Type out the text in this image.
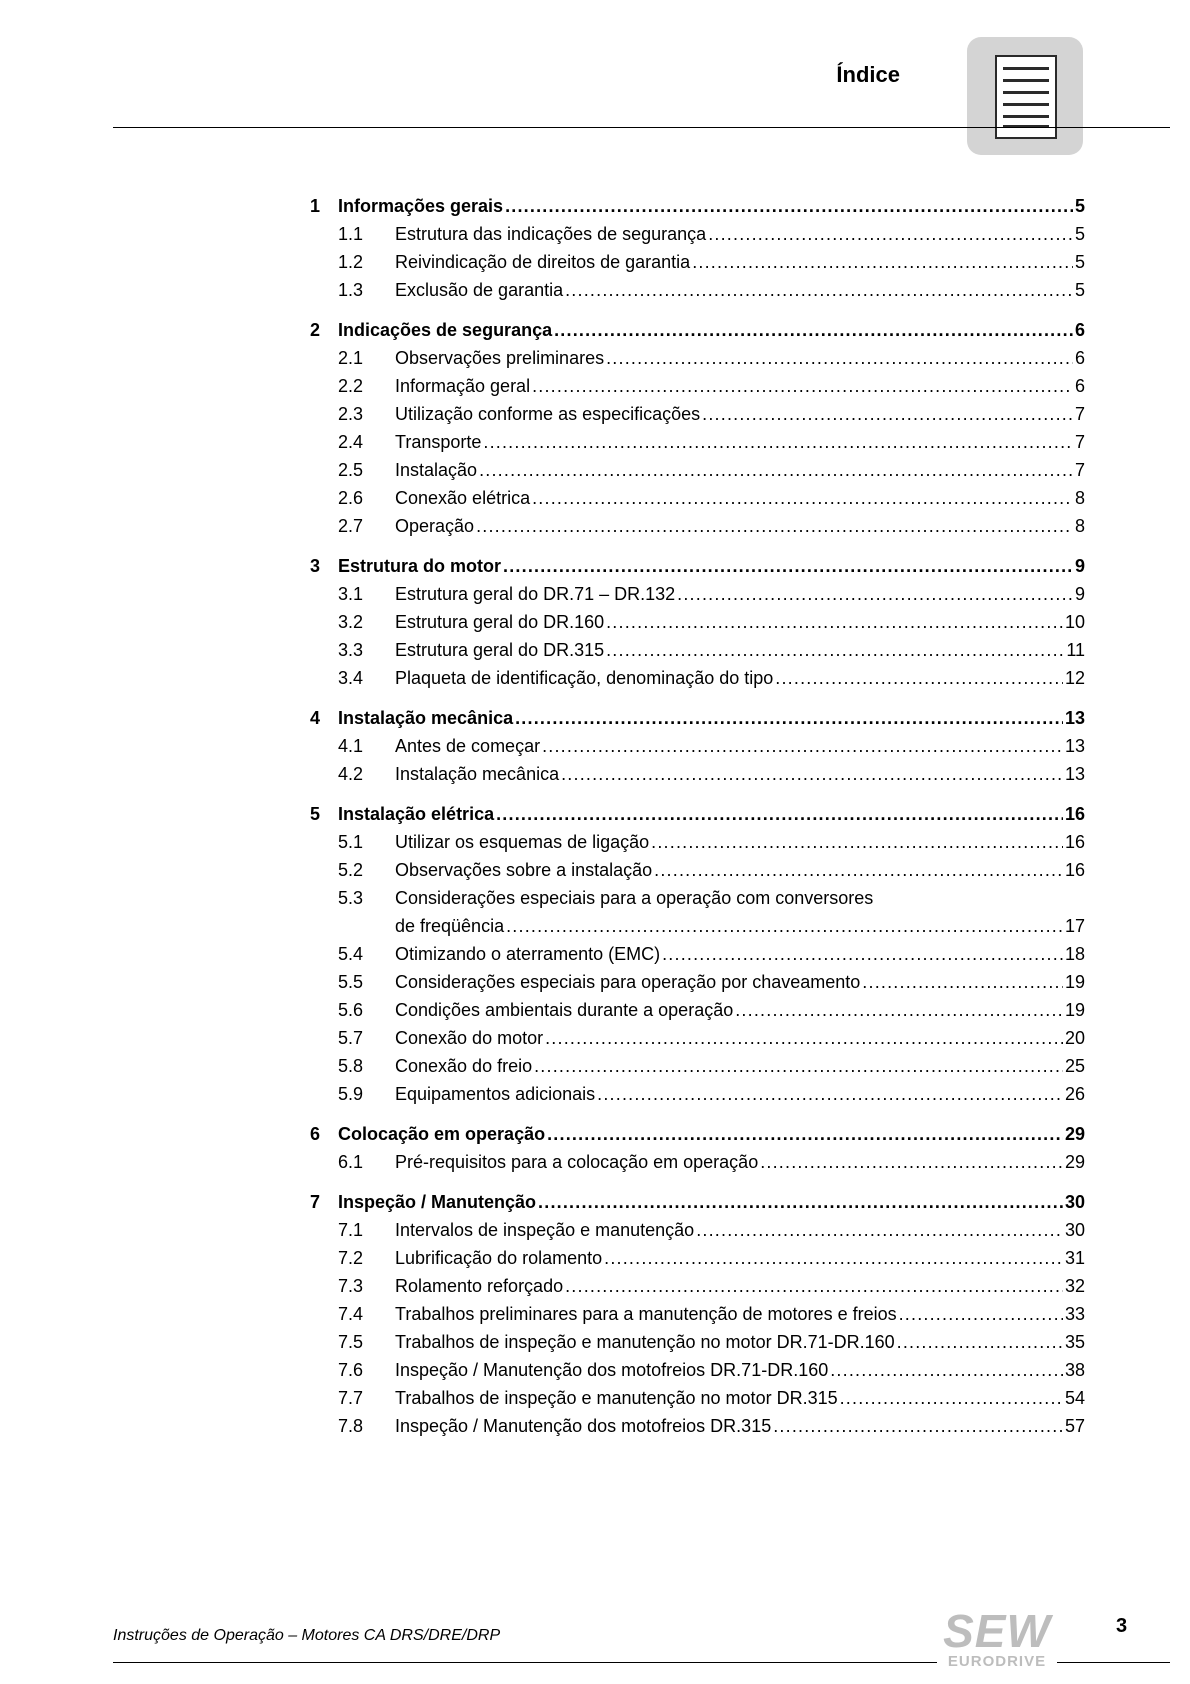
Índice
1 Informações gerais .....	5
1.1	Estrutura das indicações de segurança .....	5
1.2	Reivindicação de direitos de garantia .....	5
1.3	Exclusão de garantia .....	5
2 Indicações de segurança .....	6
2.1	Observações preliminares .....	6
2.2	Informação geral .....	6
2.3	Utilização conforme as especificações .....	7
2.4	Transporte .....	7
2.5	Instalação .....	7
2.6	Conexão elétrica .....	8
2.7	Operação .....	8
3 Estrutura do motor .....	9
3.1	Estrutura geral do DR.71 – DR.132 .....	9
3.2	Estrutura geral do DR.160 .....	10
3.3	Estrutura geral do DR.315 .....	11
3.4	Plaqueta de identificação, denominação do tipo .....	12
4 Instalação mecânica .....	13
4.1	Antes de começar .....	13
4.2	Instalação mecânica .....	13
5 Instalação elétrica .....	16
5.1	Utilizar os esquemas de ligação .....	16
5.2	Observações sobre a instalação .....	16
5.3	Considerações especiais para a operação com conversores
de freqüência .....	17
5.4	Otimizando o aterramento (EMC) .....	18
5.5	Considerações especiais para operação por chaveamento .....	19
5.6	Condições ambientais durante a operação .....	19
5.7	Conexão do motor .....	20
5.8	Conexão do freio .....	25
5.9	Equipamentos adicionais .....	26
6 Colocação em operação .....	29
6.1	Pré-requisitos para a colocação em operação .....	29
7 Inspeção / Manutenção .....	30
7.1	Intervalos de inspeção e manutenção .....	30
7.2	Lubrificação do rolamento .....	31
7.3	Rolamento reforçado .....	32
7.4	Trabalhos preliminares para a manutenção de motores e freios .....	33
7.5	Trabalhos de inspeção e manutenção no motor DR.71-DR.160 .....	35
7.6	Inspeção / Manutenção dos motofreios DR.71-DR.160 .....	38
7.7	Trabalhos de inspeção e manutenção no motor DR.315 .....	54
7.8	Inspeção / Manutenção dos motofreios DR.315 .....	57
Instruções de Operação – Motores CA DRS/DRE/DRP	SEW
EURODRIVE
3
